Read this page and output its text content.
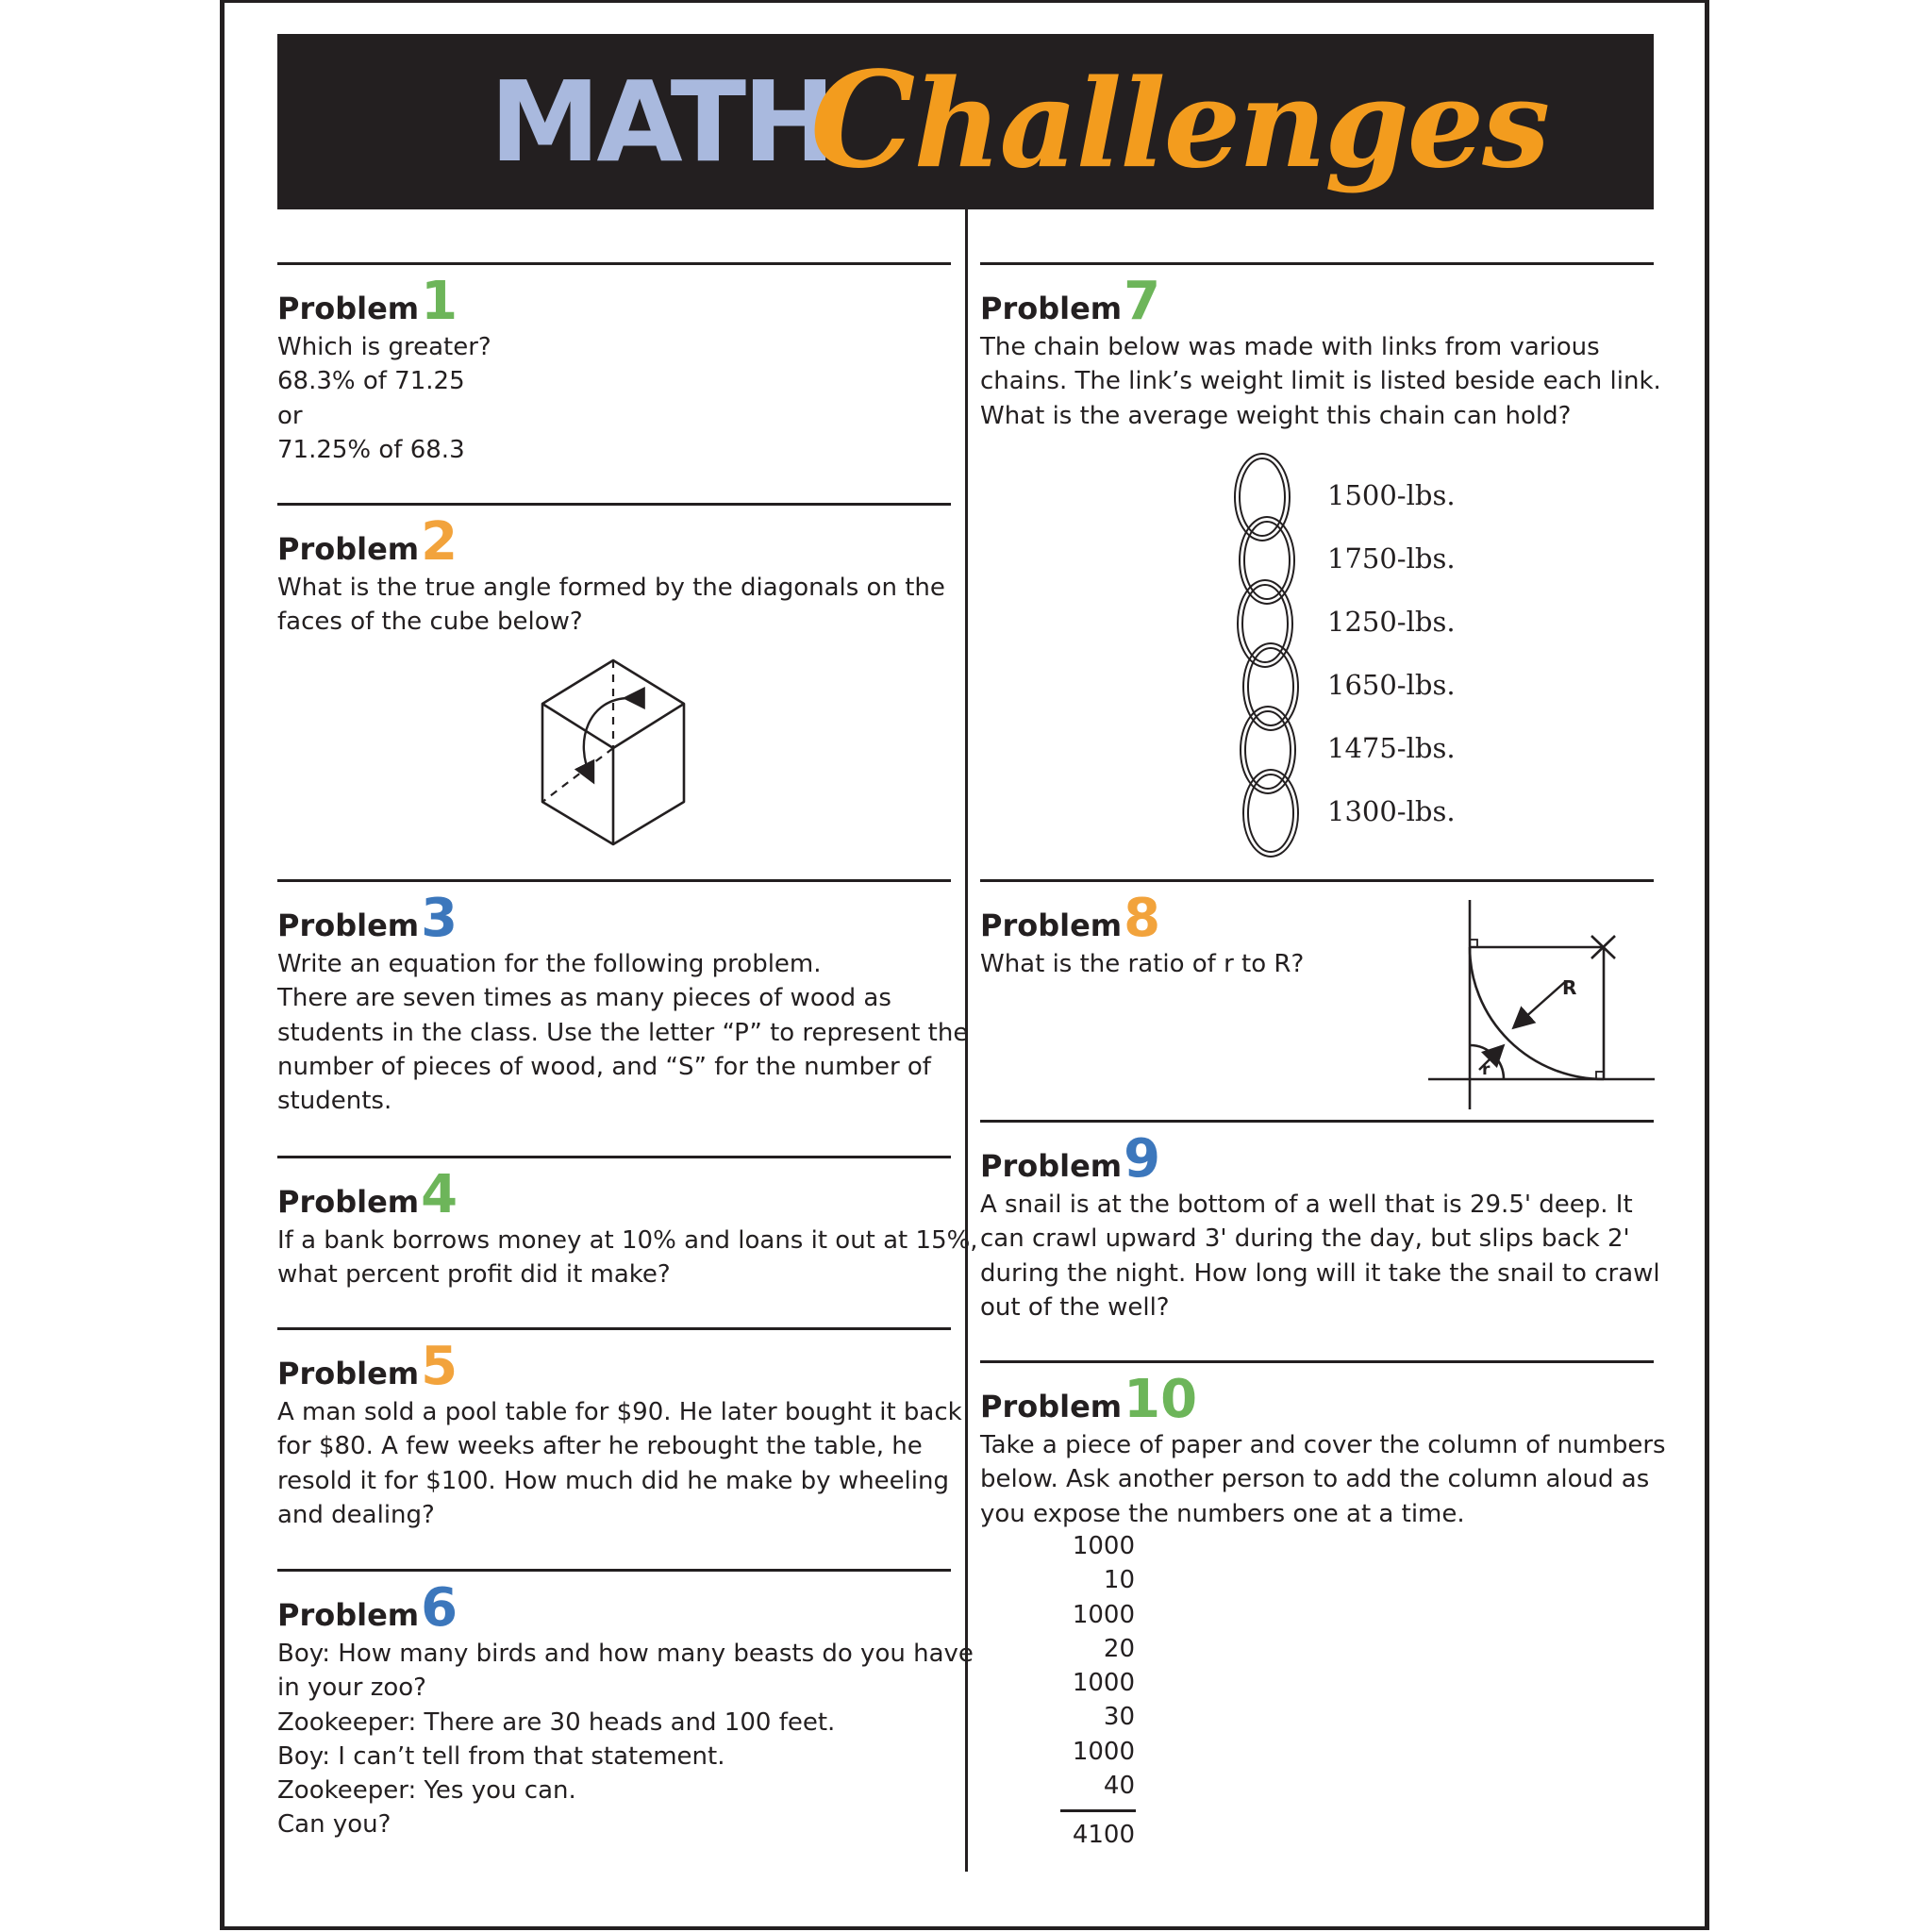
MATH
Challenges
Problem1
Which is greater?
68.3% of 71.25
or
71.25% of 68.3
Problem2
What is the true angle formed by the diagonals on the
faces of the cube below?
Problem3
Write an equation for the following problem.
There are seven times as many pieces of wood as
students in the class. Use the letter “P” to represent the
number of pieces of wood, and “S” for the number of
students.
Problem4
If a bank borrows money at 10% and loans it out at 15%,
what percent profit did it make?
Problem5
A man sold a pool table for $90. He later bought it back
for $80. A few weeks after he rebought the table, he
resold it for $100. How much did he make by wheeling
and dealing?
Problem6
Boy: How many birds and how many beasts do you have
in your zoo?
Zookeeper: There are 30 heads and 100 feet.
Boy: I can’t tell from that statement.
Zookeeper: Yes you can.
Can you?
Problem7
The chain below was made with links from various
chains. The link’s weight limit is listed beside each link.
What is the average weight this chain can hold?
1500-lbs.
1750-lbs.
1250-lbs.
1650-lbs.
1475-lbs.
1300-lbs.
Problem8
What is the ratio of r to R?
R
r
Problem9
A snail is at the bottom of a well that is 29.5' deep. It
can crawl upward 3' during the day, but slips back 2'
during the night. How long will it take the snail to crawl
out of the well?
Problem10
Take a piece of paper and cover the column of numbers
below. Ask another person to add the column aloud as
you expose the numbers one at a time.
1000
10
1000
20
1000
30
1000
40
4100
